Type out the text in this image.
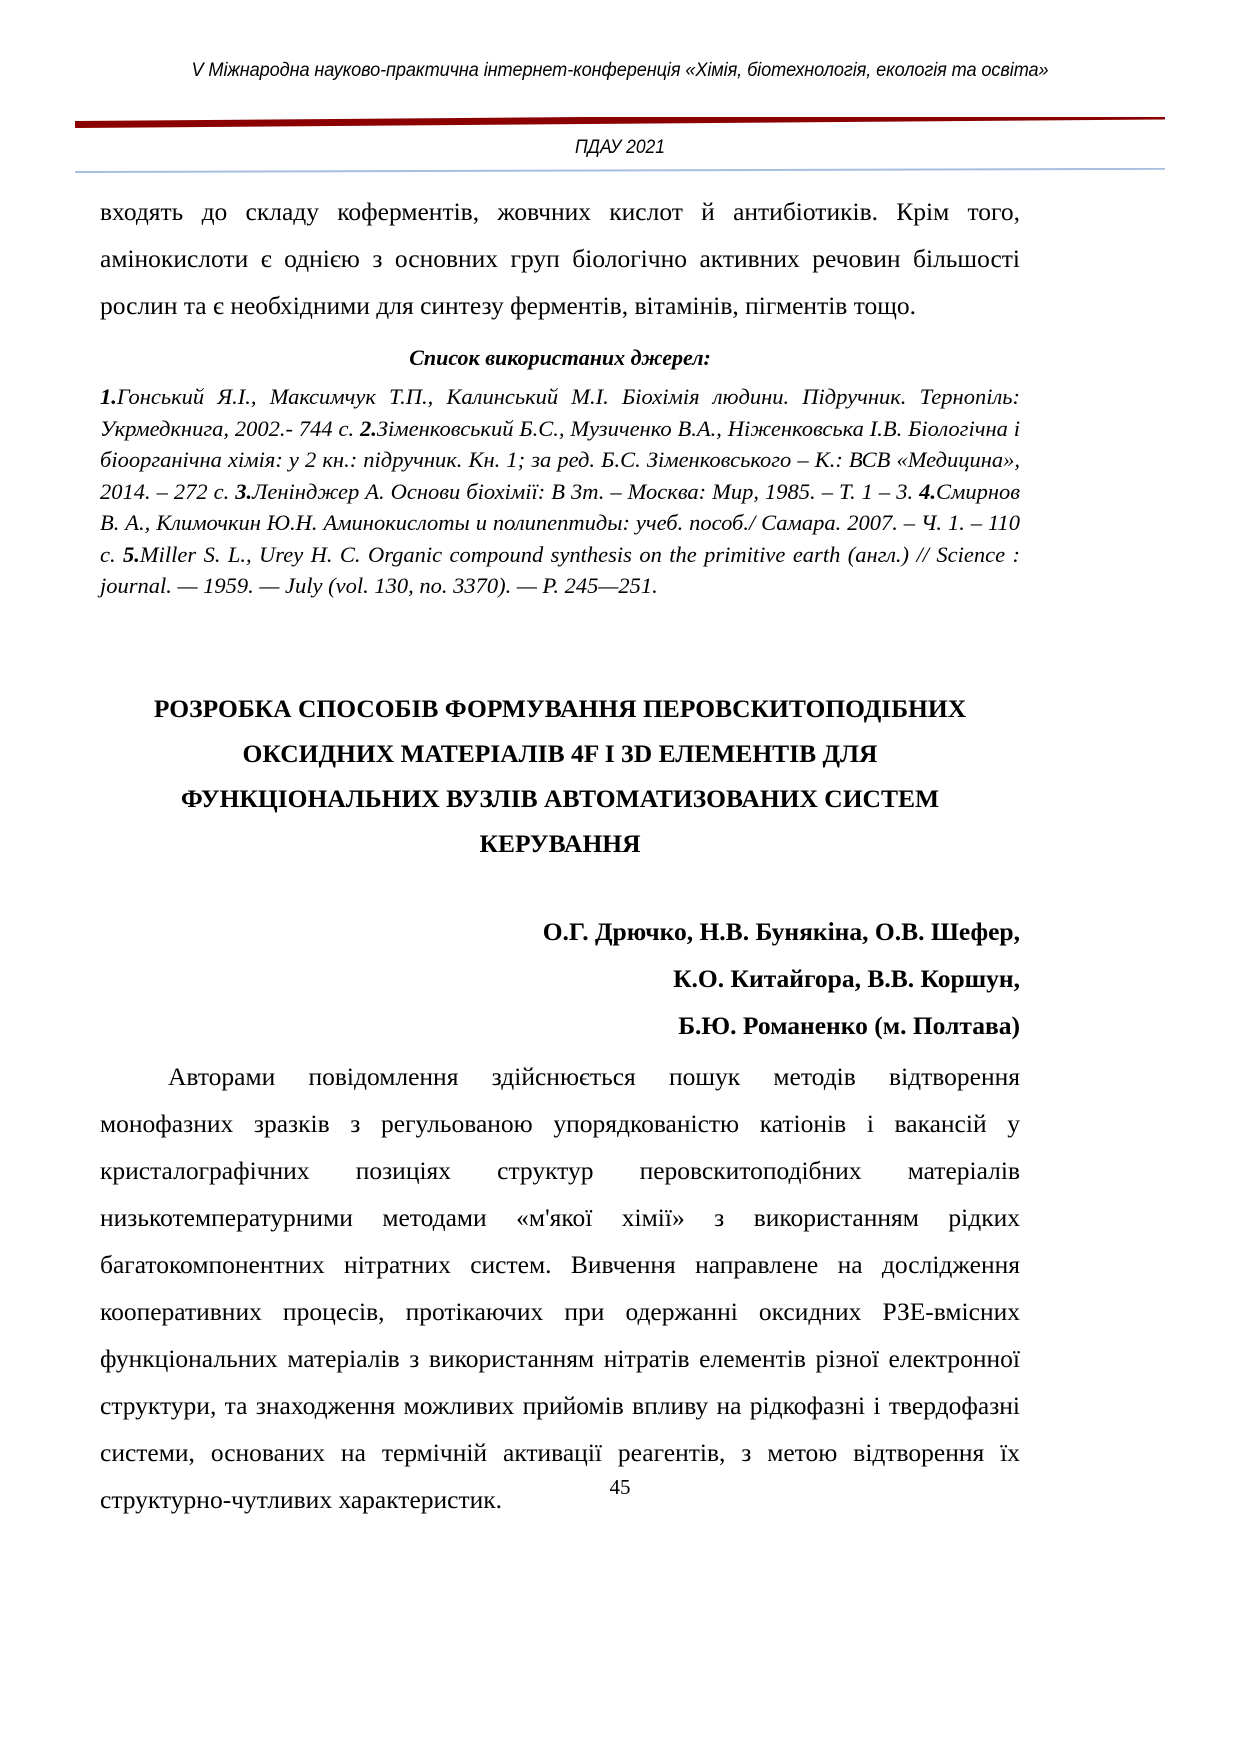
V Міжнародна науково-практична інтернет-конференція «Хімія, біотехнологія, екологія та освіта»
ПДАУ 2021

входять до складу коферментів, жовчних кислот й антибіотиків. Крім того, амінокислоти є однією з основних груп біологічно активних речовин більшості рослин та є необхідними для синтезу ферментів, вітамінів, пігментів тощо.

Список використаних джерел:

1.Гонський Я.І., Максимчук Т.П., Калинський М.І. Біохімія людини. Підручник. Тернопіль: Укрмедкнига, 2002.- 744 с. 2.Зіменковський Б.С., Музиченко В.А., Ніженковська І.В. Біологічна і біоорганічна хімія: у 2 кн.: підручник. Кн. 1; за ред. Б.С. Зіменковського – К.: ВСВ «Медицина», 2014. – 272 с. 3.Ленінджер А. Основи біохімії: В 3т. – Москва: Мир, 1985. – Т. 1 – 3. 4.Смирнов В. А., Климочкин Ю.Н. Аминокислоты и полипептиды: учеб. пособ./ Самара. 2007. – Ч. 1. – 110 с. 5.Miller S. L., Urey H. C. Organic compound synthesis on the primitive earth (англ.) // Science : journal. — 1959. — July (vol. 130, no. 3370). — P. 245—251.

РОЗРОБКА СПОСОБІВ ФОРМУВАННЯ ПЕРОВСКИТОПОДІБНИХ
ОКСИДНИХ МАТЕРІАЛІВ 4F І 3D ЕЛЕМЕНТІВ ДЛЯ
ФУНКЦІОНАЛЬНИХ ВУЗЛІВ АВТОМАТИЗОВАНИХ СИСТЕМ
КЕРУВАННЯ
О.Г. Дрючко, Н.В. Бунякіна, О.В. Шефер,
К.О. Китайгора, В.В. Коршун,
Б.Ю. Романенко (м. Полтава)

Авторами повідомлення здійснюється пошук методів відтворення монофазних зразків з регульованою упорядкованістю катіонів і вакансій у кристалографічних позиціях структур перовскитоподібних матеріалів низькотемпературними методами «м'якої хімії» з використанням рідких багатокомпонентних нітратних систем. Вивчення направлене на дослідження кооперативних процесів, протікаючих при одержанні оксидних РЗЕ-вмісних функціональних матеріалів з використанням нітратів елементів різної електронної структури, та знаходження можливих прийомів впливу на рідкофазні і твердофазні системи, основаних на термічній активації реагентів, з метою відтворення їх структурно-чутливих характеристик.	45
